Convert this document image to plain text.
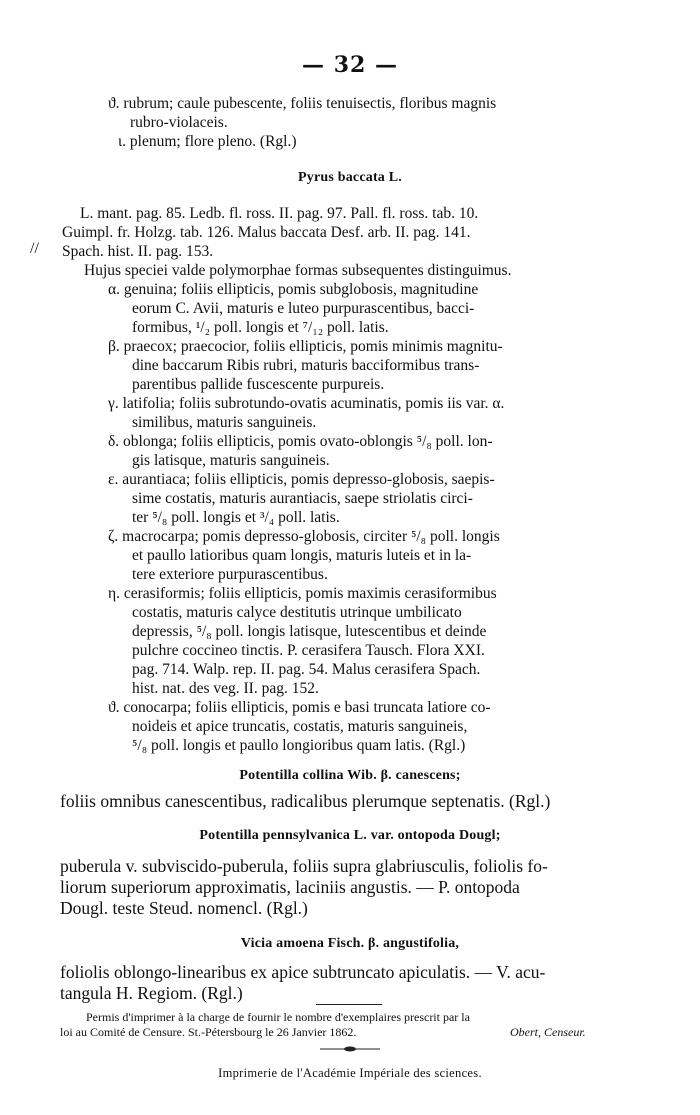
— 32 —
ϑ. rubrum; caule pubescente, foliis tenuisectis, floribus magnis
rubro-violaceis.
ι. plenum; flore pleno. (Rgl.)
Pyrus baccata L.
L. mant. pag. 85. Ledb. fl. ross. II. pag. 97. Pall. fl. ross. tab. 10.
Guimpl. fr. Holzg. tab. 126. Malus baccata Desf. arb. II. pag. 141.
// Spach. hist. II. pag. 153.
Hujus speciei valde polymorphae formas subsequentes distinguimus.
α. genuina; foliis ellipticis, pomis subglobosis, magnitudine
eorum C. Avii, maturis e luteo purpurascentibus, bacci-
formibus, ¹/₂ poll. longis et ⁷/₁₂ poll. latis.
β. praecox; praecocior, foliis ellipticis, pomis minimis magnitu-
dine baccarum Ribis rubri, maturis bacciformibus trans-
parentibus pallide fuscescente purpureis.
γ. latifolia; foliis subrotundo-ovatis acuminatis, pomis iis var. α.
similibus, maturis sanguineis.
δ. oblonga; foliis ellipticis, pomis ovato-oblongis ⁵/₈ poll. lon-
gis latisque, maturis sanguineis.
ε. aurantiaca; foliis ellipticis, pomis depresso-globosis, saepis-
sime costatis, maturis aurantiacis, saepe striolatis circi-
ter ⁵/₈ poll. longis et ³/₄ poll. latis.
ζ. macrocarpa; pomis depresso-globosis, circiter ⁵/₈ poll. longis
et paullo latioribus quam longis, maturis luteis et in la-
tere exteriore purpurascentibus.
η. cerasiformis; foliis ellipticis, pomis maximis cerasiformibus
costatis, maturis calyce destitutis utrinque umbilicato
depressis, ⁵/₈ poll. longis latisque, lutescentibus et deinde
pulchre coccineo tinctis. P. cerasifera Tausch. Flora XXI.
pag. 714. Walp. rep. II. pag. 54. Malus cerasifera Spach.
hist. nat. des veg. II. pag. 152.
ϑ. conocarpa; foliis ellipticis, pomis e basi truncata latiore co-
noideis et apice truncatis, costatis, maturis sanguineis,
⁵/₈ poll. longis et paullo longioribus quam latis. (Rgl.)
Potentilla collina Wib. β. canescens;
foliis omnibus canescentibus, radicalibus plerumque septenatis. (Rgl.)
Potentilla pennsylvanica L. var. ontopoda Dougl;
puberula v. subviscido-puberula, foliis supra glabriusculis, foliolis fo-
liorum superiorum approximatis, laciniis angustis. — P. ontopoda
Dougl. teste Steud. nomencl. (Rgl.)
Vicia amoena Fisch. β. angustifolia,
foliolis oblongo-linearibus ex apice subtruncato apiculatis. — V. acu-
tangula H. Regiom. (Rgl.)
Permis d'imprimer à la charge de fournir le nombre d'exemplaires prescrit par la
loi au Comité de Censure. St.-Pétersbourg le 26 Janvier 1862.	Obert, Censeur.
Imprimerie de l'Académie Impériale des sciences.
